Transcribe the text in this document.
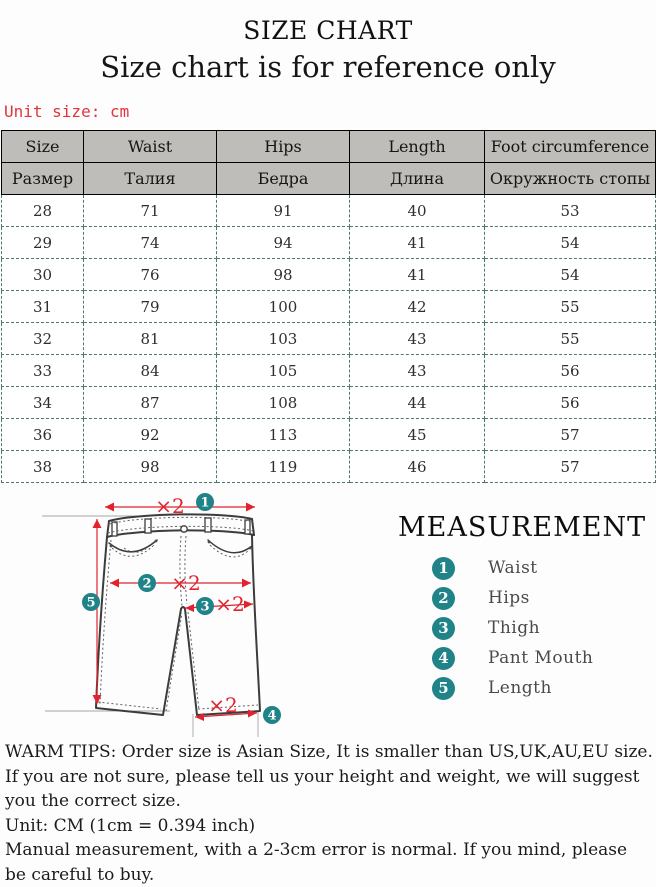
SIZE CHART
Size chart is for reference only
Unit size: cm
Size	Waist	Hips	Length	Foot circumference
Размер	Талия	Бедра	Длина	Окружность стопы
28	71	91	40	53
29	74	94	41	54
30	76	98	41	54
31	79	100	42	55
32	81	103	43	55
33	84	105	43	56
34	87	108	44	56
36	92	113	45	57
38	98	119	46	57
×2
×2
×2
×2
1
2
3
4
5
MEASUREMENT
1	Waist
2	Hips
3	Thigh
4	Pant Mouth
5	Length

WARM TIPS: Order size is Asian Size, It is smaller than US,UK,AU,EU size.

If you are not sure, please tell us your height and weight, we will suggest you the correct size.

Unit: CM (1cm = 0.394 inch)

Manual measurement, with a 2-3cm error is normal. If you mind, please be careful to buy.
